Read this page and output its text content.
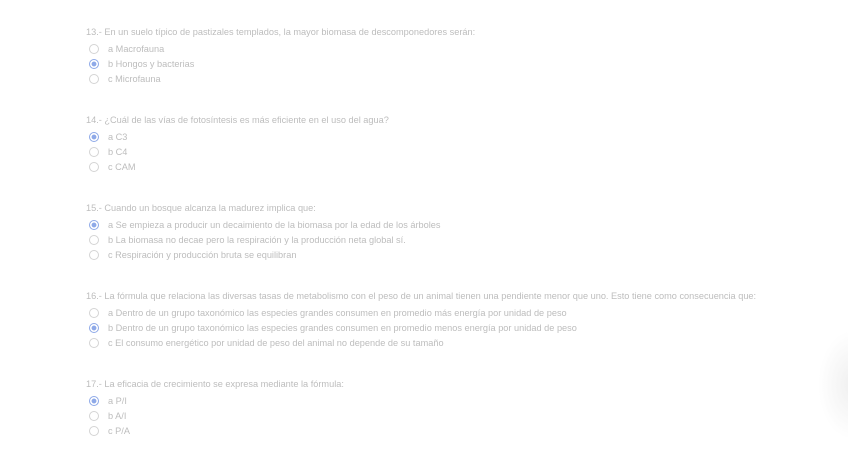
13.- En un suelo típico de pastizales templados, la mayor biomasa de descomponedores serán:
a Macrofauna
b Hongos y bacterias
c Microfauna
14.- ¿Cuál de las vías de fotosíntesis es más eficiente en el uso del agua?
a C3
b C4
c CAM
15.- Cuando un bosque alcanza la madurez implica que:
a Se empieza a producir un decaimiento de la biomasa por la edad de los árboles
b La biomasa no decae pero la respiración y la producción neta global sí.
c Respiración y producción bruta se equilibran
16.- La fórmula que relaciona las diversas tasas de metabolismo con el peso de un animal tienen una pendiente menor que uno. Esto tiene como consecuencia que:
a Dentro de un grupo taxonómico las especies grandes consumen en promedio más energía por unidad de peso
b Dentro de un grupo taxonómico las especies grandes consumen en promedio menos energía por unidad de peso
c El consumo energético por unidad de peso del animal no depende de su tamaño
17.- La eficacia de crecimiento se expresa mediante la fórmula:
a P/I
b A/I
c P/A
